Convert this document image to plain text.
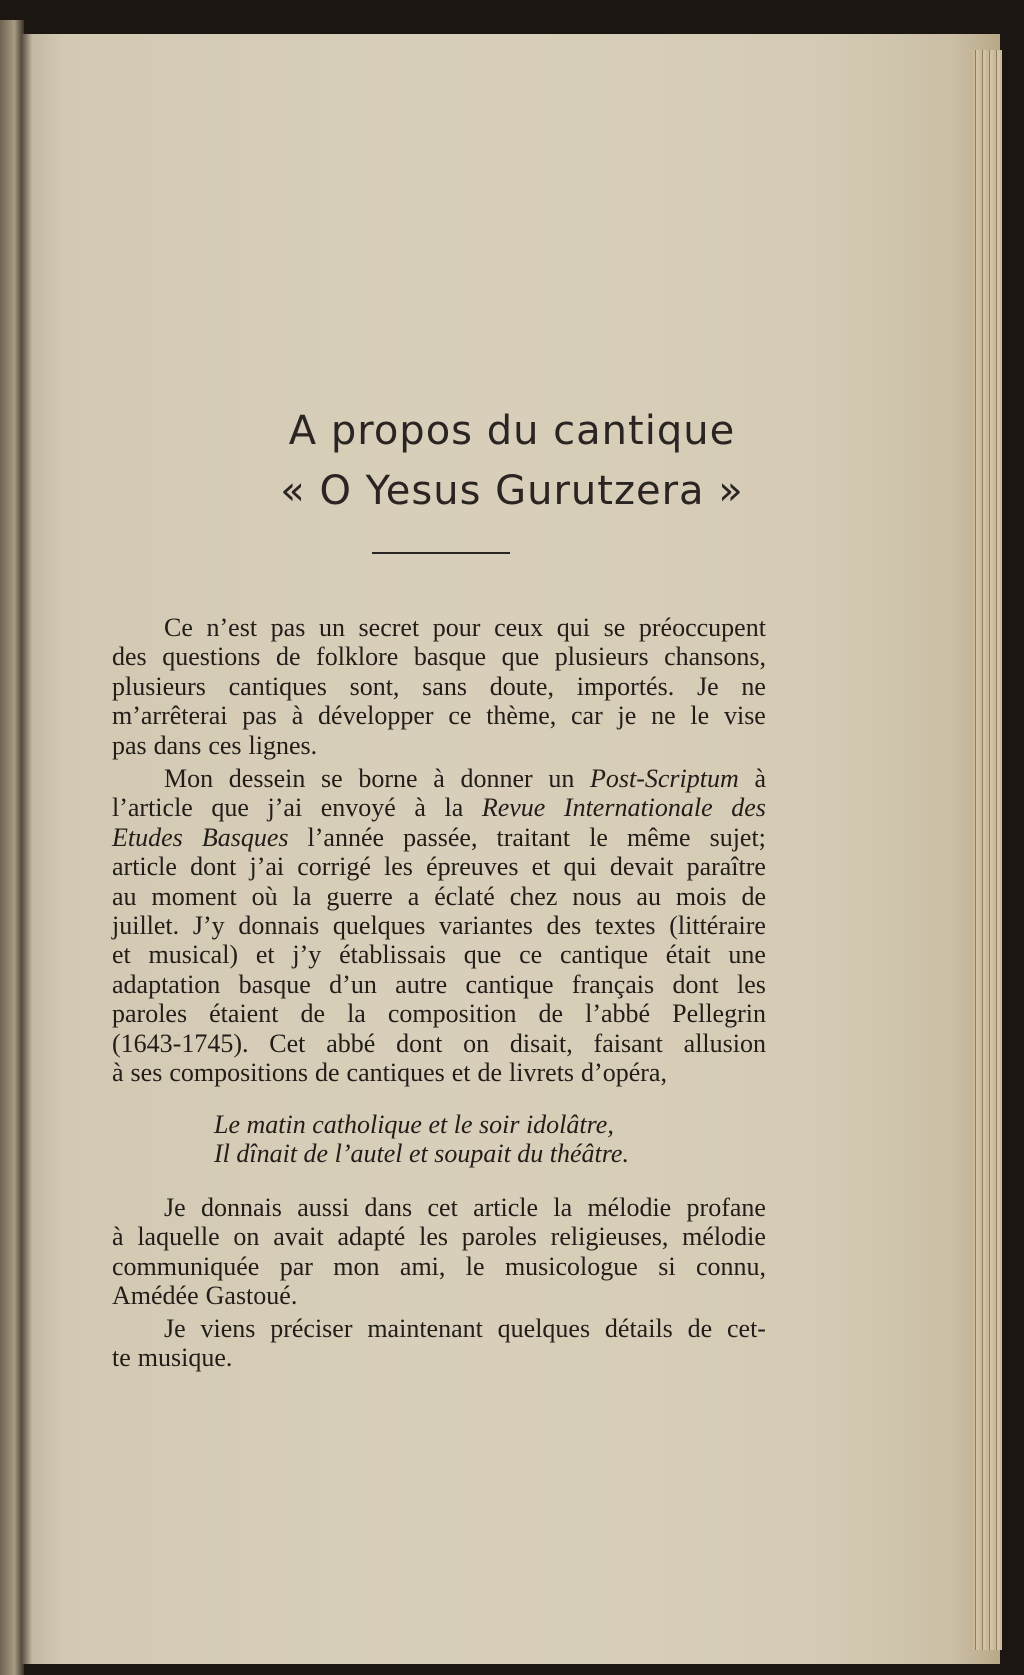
A propos du cantique
« O Yesus Gurutzera »
Ce n’est pas un secret pour ceux qui se préoccupent
des questions de folklore basque que plusieurs chansons,
plusieurs cantiques sont, sans doute, importés. Je ne
m’arrêterai pas à développer ce thème, car je ne le vise
pas dans ces lignes.
Mon dessein se borne à donner un Post-Scriptum à
l’article que j’ai envoyé à la Revue Internationale des
Etudes Basques l’année passée, traitant le même sujet;
article dont j’ai corrigé les épreuves et qui devait paraître
au moment où la guerre a éclaté chez nous au mois de
juillet. J’y donnais quelques variantes des textes (littéraire
et musical) et j’y établissais que ce cantique était une
adaptation basque d’un autre cantique français dont les
paroles étaient de la composition de l’abbé Pellegrin
(1643-1745). Cet abbé dont on disait, faisant allusion
à ses compositions de cantiques et de livrets d’opéra,
Le matin catholique et le soir idolâtre,
Il dînait de l’autel et soupait du théâtre.
Je donnais aussi dans cet article la mélodie profane
à laquelle on avait adapté les paroles religieuses, mélodie
communiquée par mon ami, le musicologue si connu,
Amédée Gastoué.
Je viens préciser maintenant quelques détails de cet-
te musique.
